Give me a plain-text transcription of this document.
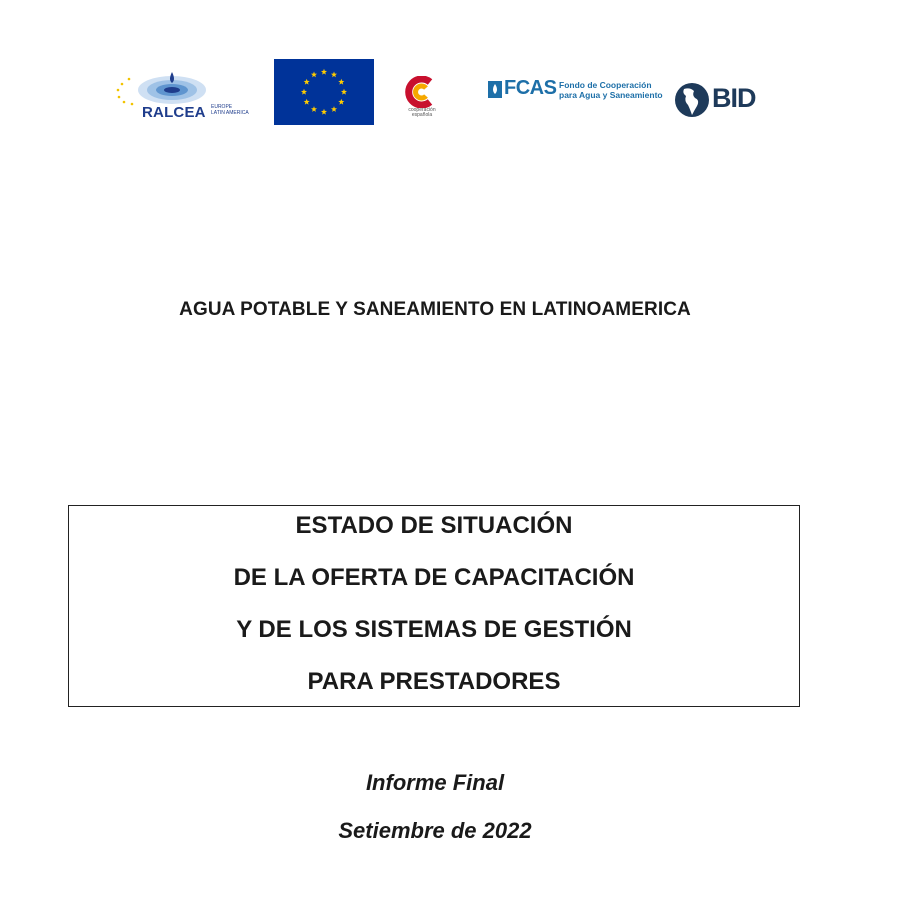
RALCEA EUROPE
LATIN AMERICA	cooperación
española
FCAS Fondo de Cooperación
para Agua y Saneamiento BID
AGUA POTABLE Y SANEAMIENTO EN LATINOAMERICA
ESTADO DE SITUACIÓN
DE LA OFERTA DE CAPACITACIÓN
Y DE LOS SISTEMAS DE GESTIÓN
PARA PRESTADORES
Informe Final
Setiembre de 2022
